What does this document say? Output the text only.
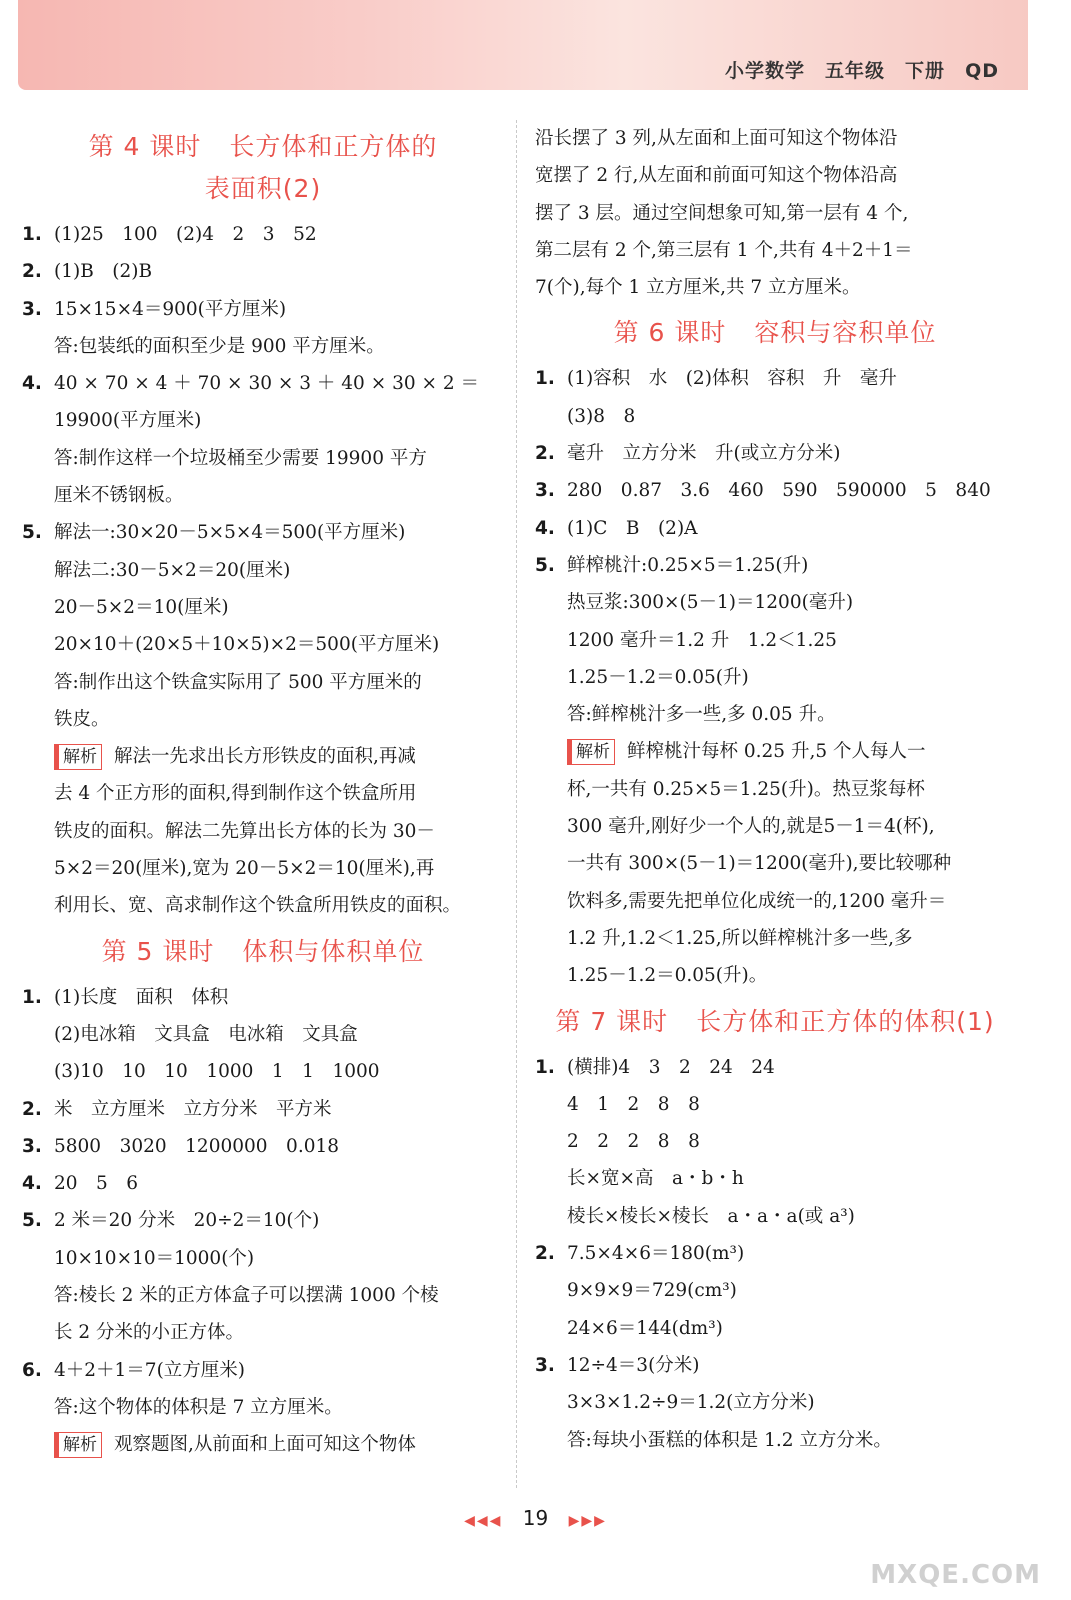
小学数学 五年级 下册 QD
第 4 课时 长方体和正方体的
表面积(2)
1. (1)25　100　(2)4　2　3　52
2. (1)B　(2)B
3. 15×15×4＝900(平方厘米)
答:包装纸的面积至少是 900 平方厘米。
4. 40 × 70 × 4 ＋ 70 × 30 × 3 ＋ 40 × 30 × 2 ＝
19900(平方厘米)
答:制作这样一个垃圾桶至少需要 19900 平方
厘米不锈钢板。
5. 解法一:30×20－5×5×4＝500(平方厘米)
解法二:30－5×2＝20(厘米)
20－5×2＝10(厘米)
20×10＋(20×5＋10×5)×2＝500(平方厘米)
答:制作出这个铁盒实际用了 500 平方厘米的
铁皮。
解析 解法一先求出长方形铁皮的面积,再减
去 4 个正方形的面积,得到制作这个铁盒所用
铁皮的面积。解法二先算出长方体的长为 30－
5×2＝20(厘米),宽为 20－5×2＝10(厘米),再
利用长、宽、高求制作这个铁盒所用铁皮的面积。
第 5 课时 体积与体积单位
1. (1)长度　面积　体积
(2)电冰箱　文具盒　电冰箱　文具盒
(3)10　10　10　1000　1　1　1000
2. 米　立方厘米　立方分米　平方米
3. 5800　3020　1200000　0.018
4. 20　5　6
5. 2 米＝20 分米　20÷2＝10(个)
10×10×10＝1000(个)
答:棱长 2 米的正方体盒子可以摆满 1000 个棱
长 2 分米的小正方体。
6. 4＋2＋1＝7(立方厘米)
答:这个物体的体积是 7 立方厘米。
解析 观察题图,从前面和上面可知这个物体
沿长摆了 3 列,从左面和上面可知这个物体沿
宽摆了 2 行,从左面和前面可知这个物体沿高
摆了 3 层。通过空间想象可知,第一层有 4 个,
第二层有 2 个,第三层有 1 个,共有 4＋2＋1＝
7(个),每个 1 立方厘米,共 7 立方厘米。
第 6 课时 容积与容积单位
1. (1)容积　水　(2)体积　容积　升　毫升
(3)8　8
2. 毫升　立方分米　升(或立方分米)
3. 280　0.87　3.6　460　590　590000　5　840
4. (1)C　B　(2)A
5. 鲜榨桃汁:0.25×5＝1.25(升)
热豆浆:300×(5－1)＝1200(毫升)
1200 毫升＝1.2 升　1.2＜1.25
1.25－1.2＝0.05(升)
答:鲜榨桃汁多一些,多 0.05 升。
解析 鲜榨桃汁每杯 0.25 升,5 个人每人一
杯,一共有 0.25×5＝1.25(升)。热豆浆每杯
300 毫升,刚好少一个人的,就是5－1＝4(杯),
一共有 300×(5－1)＝1200(毫升),要比较哪种
饮料多,需要先把单位化成统一的,1200 毫升＝
1.2 升,1.2＜1.25,所以鲜榨桃汁多一些,多
1.25－1.2＝0.05(升)。
第 7 课时 长方体和正方体的体积(1)
1. (横排)4　3　2　24　24
4　1　2　8　8
2　2　2　8　8
长×宽×高　a・b・h
棱长×棱长×棱长　a・a・a(或 a³)
2. 7.5×4×6＝180(m³)
9×9×9＝729(cm³)
24×6＝144(dm³)
3. 12÷4＝3(分米)
3×3×1.2÷9＝1.2(立方分米)
答:每块小蛋糕的体积是 1.2 立方分米。
◀◀◀ 19 ▶▶▶
MXQE.COM
